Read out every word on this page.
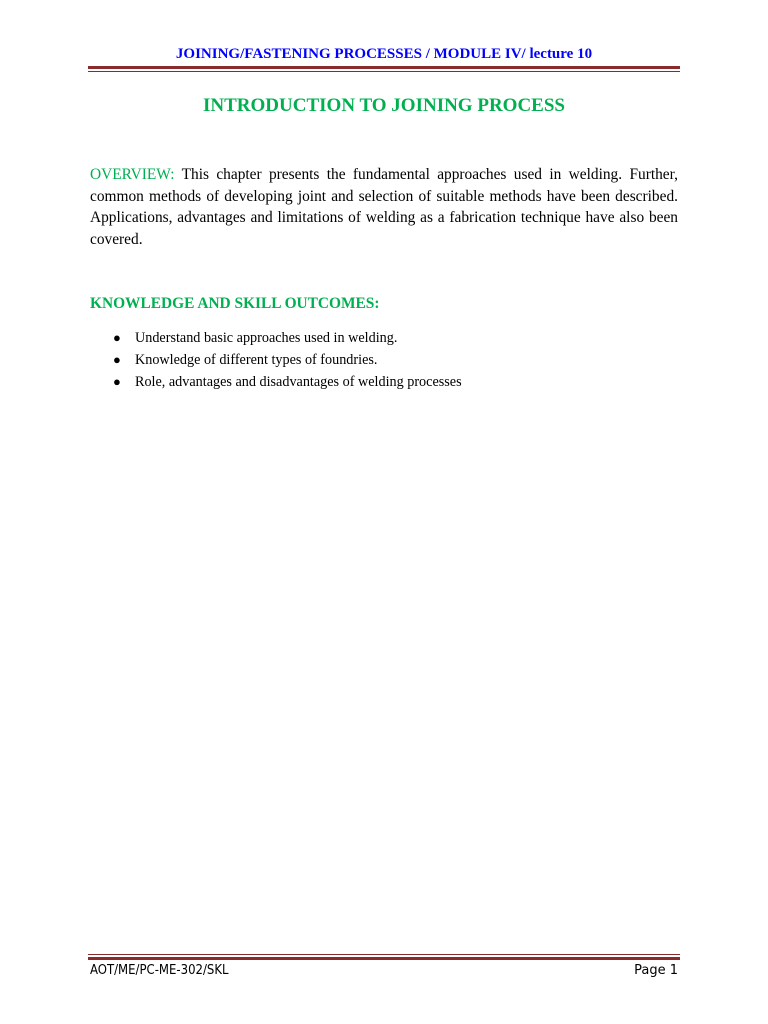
JOINING/FASTENING PROCESSES / MODULE IV/ lecture 10
INTRODUCTION TO JOINING PROCESS
OVERVIEW: This chapter presents the fundamental approaches used in welding. Further, common methods of developing joint and selection of suitable methods have been described. Applications, advantages and limitations of welding as a fabrication technique have also been covered.
KNOWLEDGE AND SKILL OUTCOMES:
● Understand basic approaches used in welding.
● Knowledge of different types of foundries.
● Role, advantages and disadvantages of welding processes
AOT/ME/PC-ME-302/SKL	Page 1
